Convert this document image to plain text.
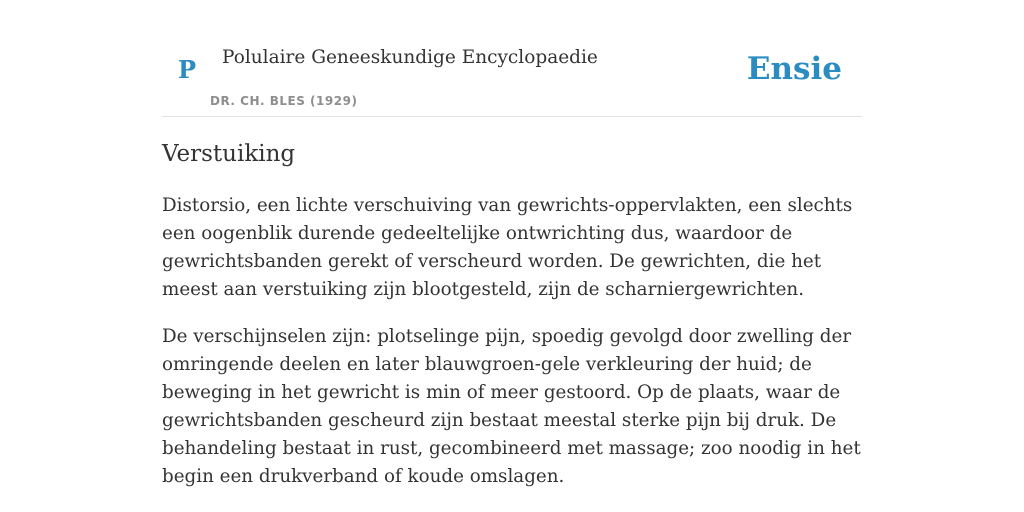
P Polulaire Geneeskundige Encyclopaedie
DR. CH. BLES (1929)
Ensie
Verstuiking

Distorsio, een lichte verschuiving van gewrichts-oppervlakten, een slechts een oogenblik durende gedeeltelijke ontwrichting dus, waardoor de gewrichtsbanden gerekt of verscheurd worden. De gewrichten, die het meest aan verstuiking zijn blootgesteld, zijn de scharniergewrichten.

De verschijnselen zijn: plotselinge pijn, spoedig gevolgd door zwelling der omringende deelen en later blauwgroen-gele verkleuring der huid; de beweging in het gewricht is min of meer gestoord. Op de plaats, waar de gewrichtsbanden gescheurd zijn bestaat meestal sterke pijn bij druk. De behandeling bestaat in rust, gecombineerd met massage; zoo noodig in het begin een drukverband of koude omslagen.
